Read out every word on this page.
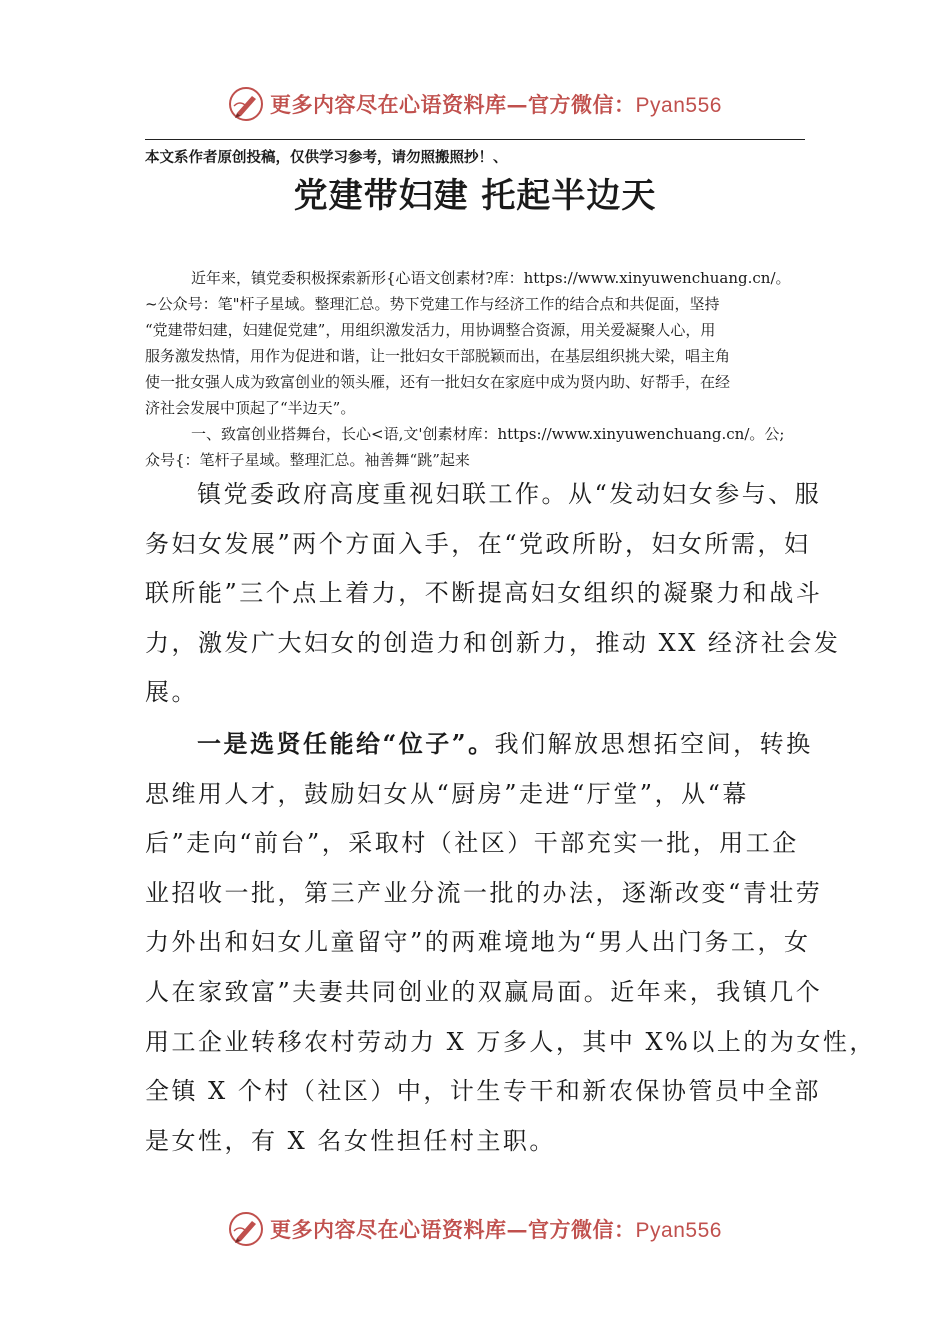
更多内容尽在心语资料库—官方微信：Pyan556
本文系作者原创投稿，仅供学习参考，请勿照搬照抄！、
党建带妇建 托起半边天

近年来，镇党委积极探索新形{心语文创素材?库：https://www.xinyuwenchuang.cn/。
~公众号：笔"杆子星域。整理汇总。势下党建工作与经济工作的结合点和共促面，坚持
“党建带妇建，妇建促党建”，用组织激发活力，用协调整合资源，用关爱凝聚人心，用
服务激发热情，用作为促进和谐，让一批妇女干部脱颖而出，在基层组织挑大梁，唱主角
使一批女强人成为致富创业的领头雁，还有一批妇女在家庭中成为贤内助、好帮手，在经
济社会发展中顶起了“半边天”。

一、致富创业搭舞台，长心<语,文'创素材库：https://www.xinyuwenchuang.cn/。公;
众号{：笔杆子星域。整理汇总。袖善舞“跳”起来

镇党委政府高度重视妇联工作。从“发动妇女参与、服
务妇女发展”两个方面入手，在“党政所盼，妇女所需，妇
联所能”三个点上着力，不断提高妇女组织的凝聚力和战斗
力，激发广大妇女的创造力和创新力，推动 XX 经济社会发
展。

一是选贤任能给“位子”。我们解放思想拓空间，转换
思维用人才，鼓励妇女从“厨房”走进“厅堂”，从“幕
后”走向“前台”，采取村（社区）干部充实一批，用工企
业招收一批，第三产业分流一批的办法，逐渐改变“青壮劳
力外出和妇女儿童留守”的两难境地为“男人出门务工，女
人在家致富”夫妻共同创业的双赢局面。近年来，我镇几个
用工企业转移农村劳动力 X 万多人，其中 X%以上的为女性，
全镇 X 个村（社区）中，计生专干和新农保协管员中全部
是女性，有 X 名女性担任村主职。

更多内容尽在心语资料库—官方微信：Pyan556
